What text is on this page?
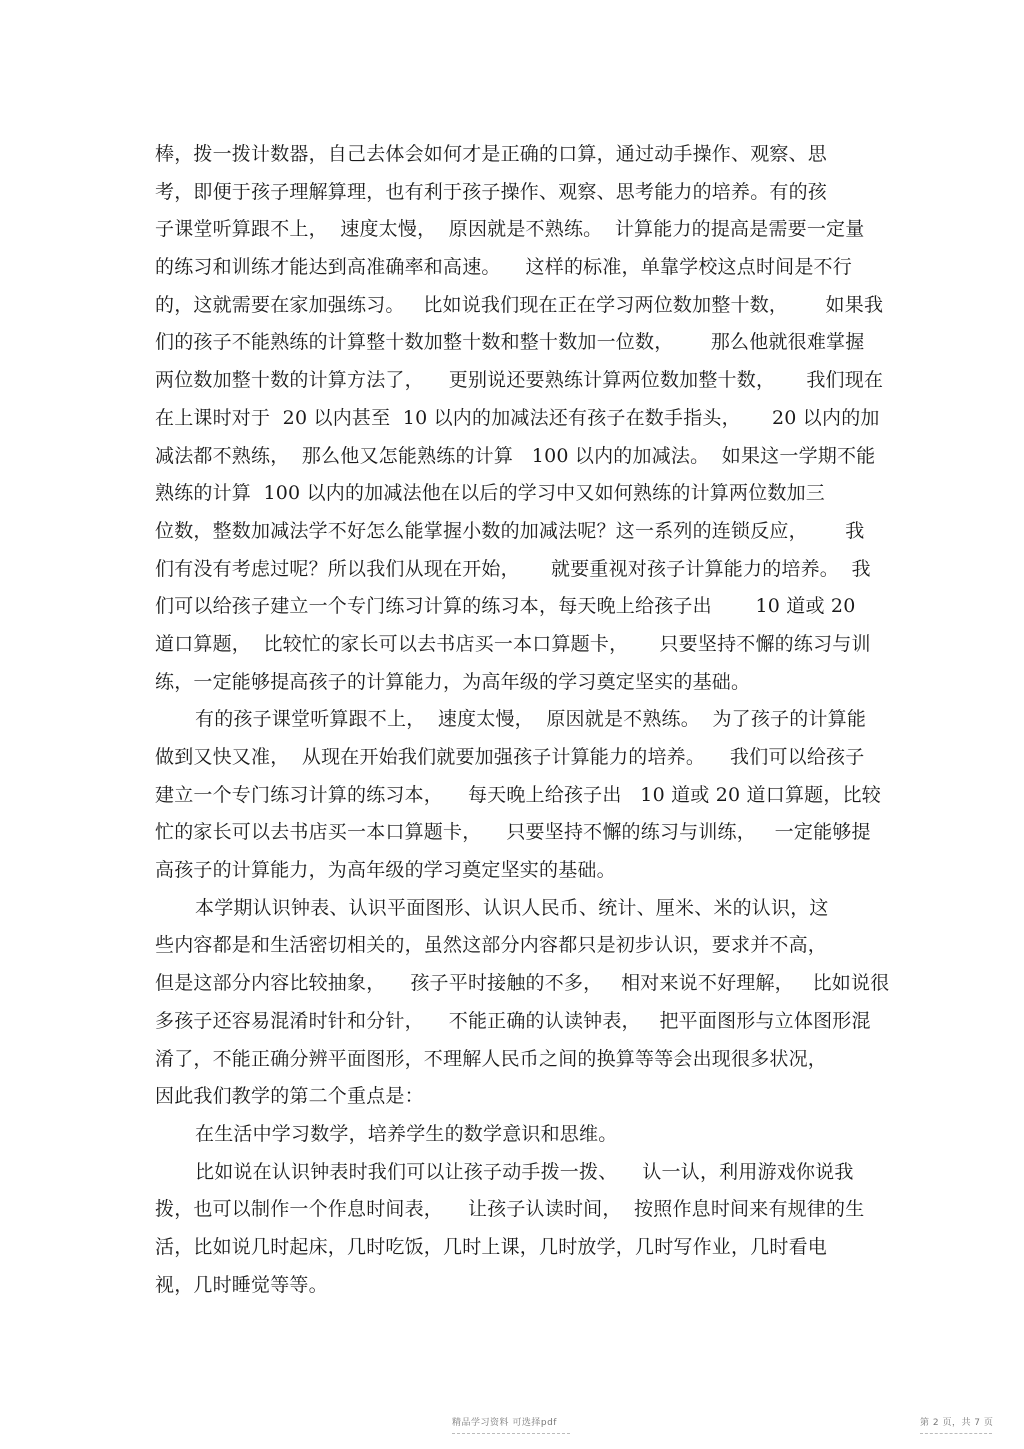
棒，拨一拨计数器，自己去体会如何才是正确的口算，通过动手操作、观察、思
考，即便于孩子理解算理，也有利于孩子操作、观察、思考能力的培养。有的孩
子课堂听算跟不上，  速度太慢，  原因就是不熟练。  计算能力的提高是需要一定量
的练习和训练才能达到高准确率和高速。    这样的标准，单靠学校这点时间是不行
的，这就需要在家加强练习。   比如说我们现在正在学习两位数加整十数，      如果我
们的孩子不能熟练的计算整十数加整十数和整十数加一位数，      那么他就很难掌握
两位数加整十数的计算方法了，    更别说还要熟练计算两位数加整十数，     我们现在
在上课时对于  20 以内甚至  10 以内的加减法还有孩子在数手指头，     20 以内的加
减法都不熟练，  那么他又怎能熟练的计算   100 以内的加减法。  如果这一学期不能
熟练的计算  100 以内的加减法他在以后的学习中又如何熟练的计算两位数加三
位数，整数加减法学不好怎么能掌握小数的加减法呢？这一系列的连锁反应，      我
们有没有考虑过呢？所以我们从现在开始，     就要重视对孩子计算能力的培养。  我
们可以给孩子建立一个专门练习计算的练习本，每天晚上给孩子出       10 道或 20
道口算题，  比较忙的家长可以去书店买一本口算题卡，     只要坚持不懈的练习与训
练，一定能够提高孩子的计算能力，为高年级的学习奠定坚实的基础。
有的孩子课堂听算跟不上，  速度太慢，  原因就是不熟练。  为了孩子的计算能
做到又快又准，  从现在开始我们就要加强孩子计算能力的培养。    我们可以给孩子
建立一个专门练习计算的练习本，    每天晚上给孩子出   10 道或 20 道口算题，比较
忙的家长可以去书店买一本口算题卡，    只要坚持不懈的练习与训练，   一定能够提
高孩子的计算能力，为高年级的学习奠定坚实的基础。
本学期认识钟表、认识平面图形、认识人民币、统计、厘米、米的认识，这
些内容都是和生活密切相关的，虽然这部分内容都只是初步认识，要求并不高，
但是这部分内容比较抽象，    孩子平时接触的不多，   相对来说不好理解，   比如说很
多孩子还容易混淆时针和分针，    不能正确的认读钟表，   把平面图形与立体图形混
淆了，不能正确分辨平面图形，不理解人民币之间的换算等等会出现很多状况，
因此我们教学的第二个重点是：
在生活中学习数学，培养学生的数学意识和思维。
比如说在认识钟表时我们可以让孩子动手拨一拨、    认一认，利用游戏你说我
拨，也可以制作一个作息时间表，    让孩子认读时间，  按照作息时间来有规律的生
活，比如说几时起床，几时吃饭，几时上课，几时放学，几时写作业，几时看电
视，几时睡觉等等。
精品学习资料 可选择pdf	第 2 页，共 7 页
